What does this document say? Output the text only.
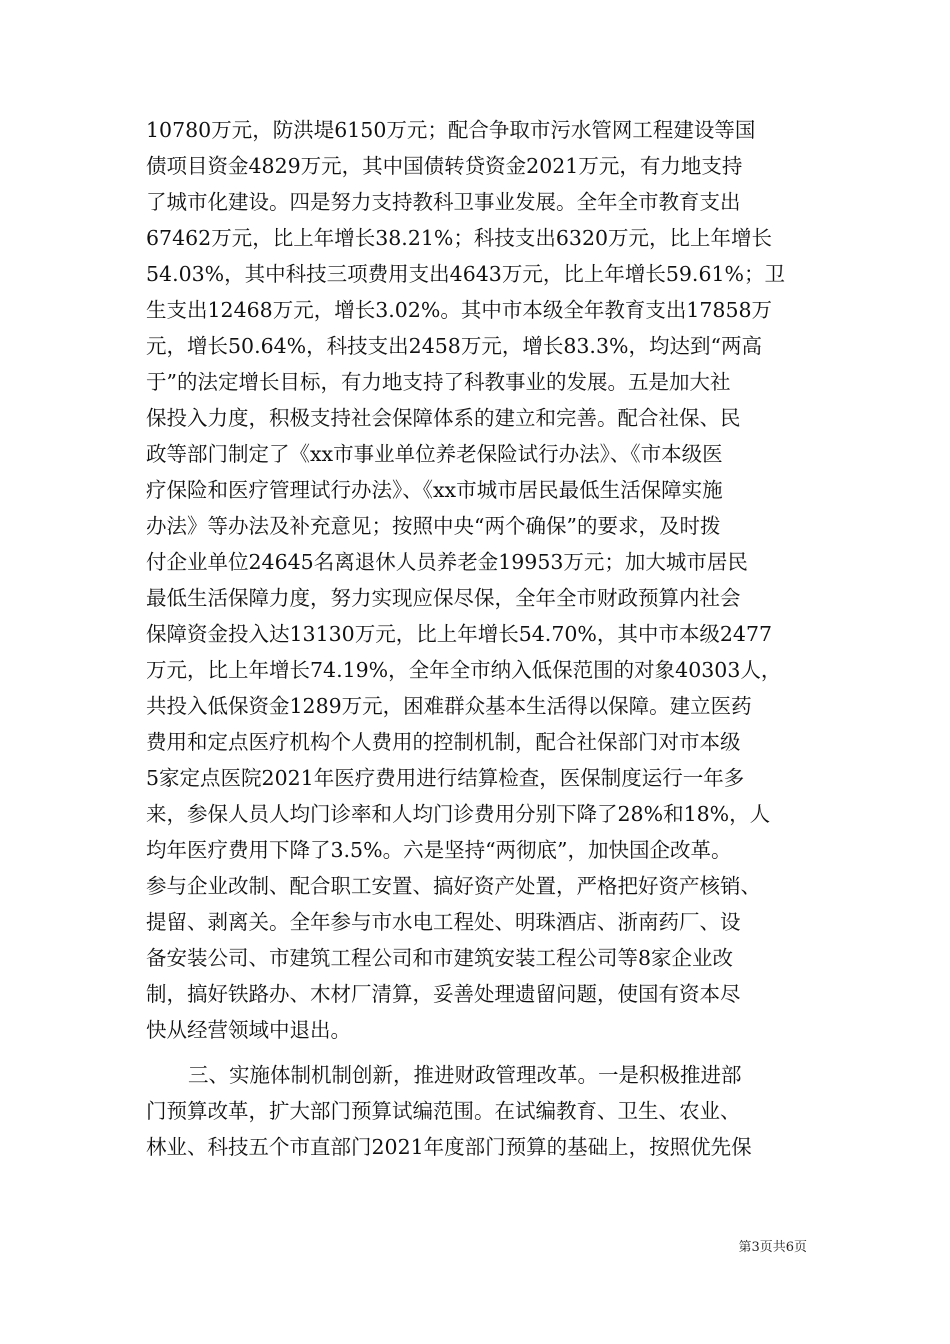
10780万元，防洪堤6150万元；配合争取市污水管网工程建设等国
债项目资金4829万元，其中国债转贷资金2021万元，有力地支持
了城市化建设。四是努力支持教科卫事业发展。全年全市教育支出
67462万元，比上年增长38.21%；科技支出6320万元，比上年增长
54.03%，其中科技三项费用支出4643万元，比上年增长59.61%；卫
生支出12468万元，增长3.02%。其中市本级全年教育支出17858万
元，增长50.64%，科技支出2458万元，增长83.3%，均达到“两高
于”的法定增长目标，有力地支持了科教事业的发展。五是加大社
保投入力度，积极支持社会保障体系的建立和完善。配合社保、民
政等部门制定了《xx市事业单位养老保险试行办法》、《市本级医
疗保险和医疗管理试行办法》、《xx市城市居民最低生活保障实施
办法》等办法及补充意见；按照中央“两个确保”的要求，及时拨
付企业单位24645名离退休人员养老金19953万元；加大城市居民
最低生活保障力度，努力实现应保尽保，全年全市财政预算内社会
保障资金投入达13130万元，比上年增长54.70%，其中市本级2477
万元，比上年增长74.19%，全年全市纳入低保范围的对象40303人，
共投入低保资金1289万元，困难群众基本生活得以保障。建立医药
费用和定点医疗机构个人费用的控制机制，配合社保部门对市本级
5家定点医院2021年医疗费用进行结算检查，医保制度运行一年多
来，参保人员人均门诊率和人均门诊费用分别下降了28%和18%，人
均年医疗费用下降了3.5%。六是坚持“两彻底”，加快国企改革。
参与企业改制、配合职工安置、搞好资产处置，严格把好资产核销、
提留、剥离关。全年参与市水电工程处、明珠酒店、浙南药厂、设
备安装公司、市建筑工程公司和市建筑安装工程公司等8家企业改
制，搞好铁路办、木材厂清算，妥善处理遗留问题，使国有资本尽
快从经营领域中退出。
三、实施体制机制创新，推进财政管理改革。一是积极推进部
门预算改革，扩大部门预算试编范围。在试编教育、卫生、农业、
林业、科技五个市直部门2021年度部门预算的基础上，按照优先保
第3页共6页
